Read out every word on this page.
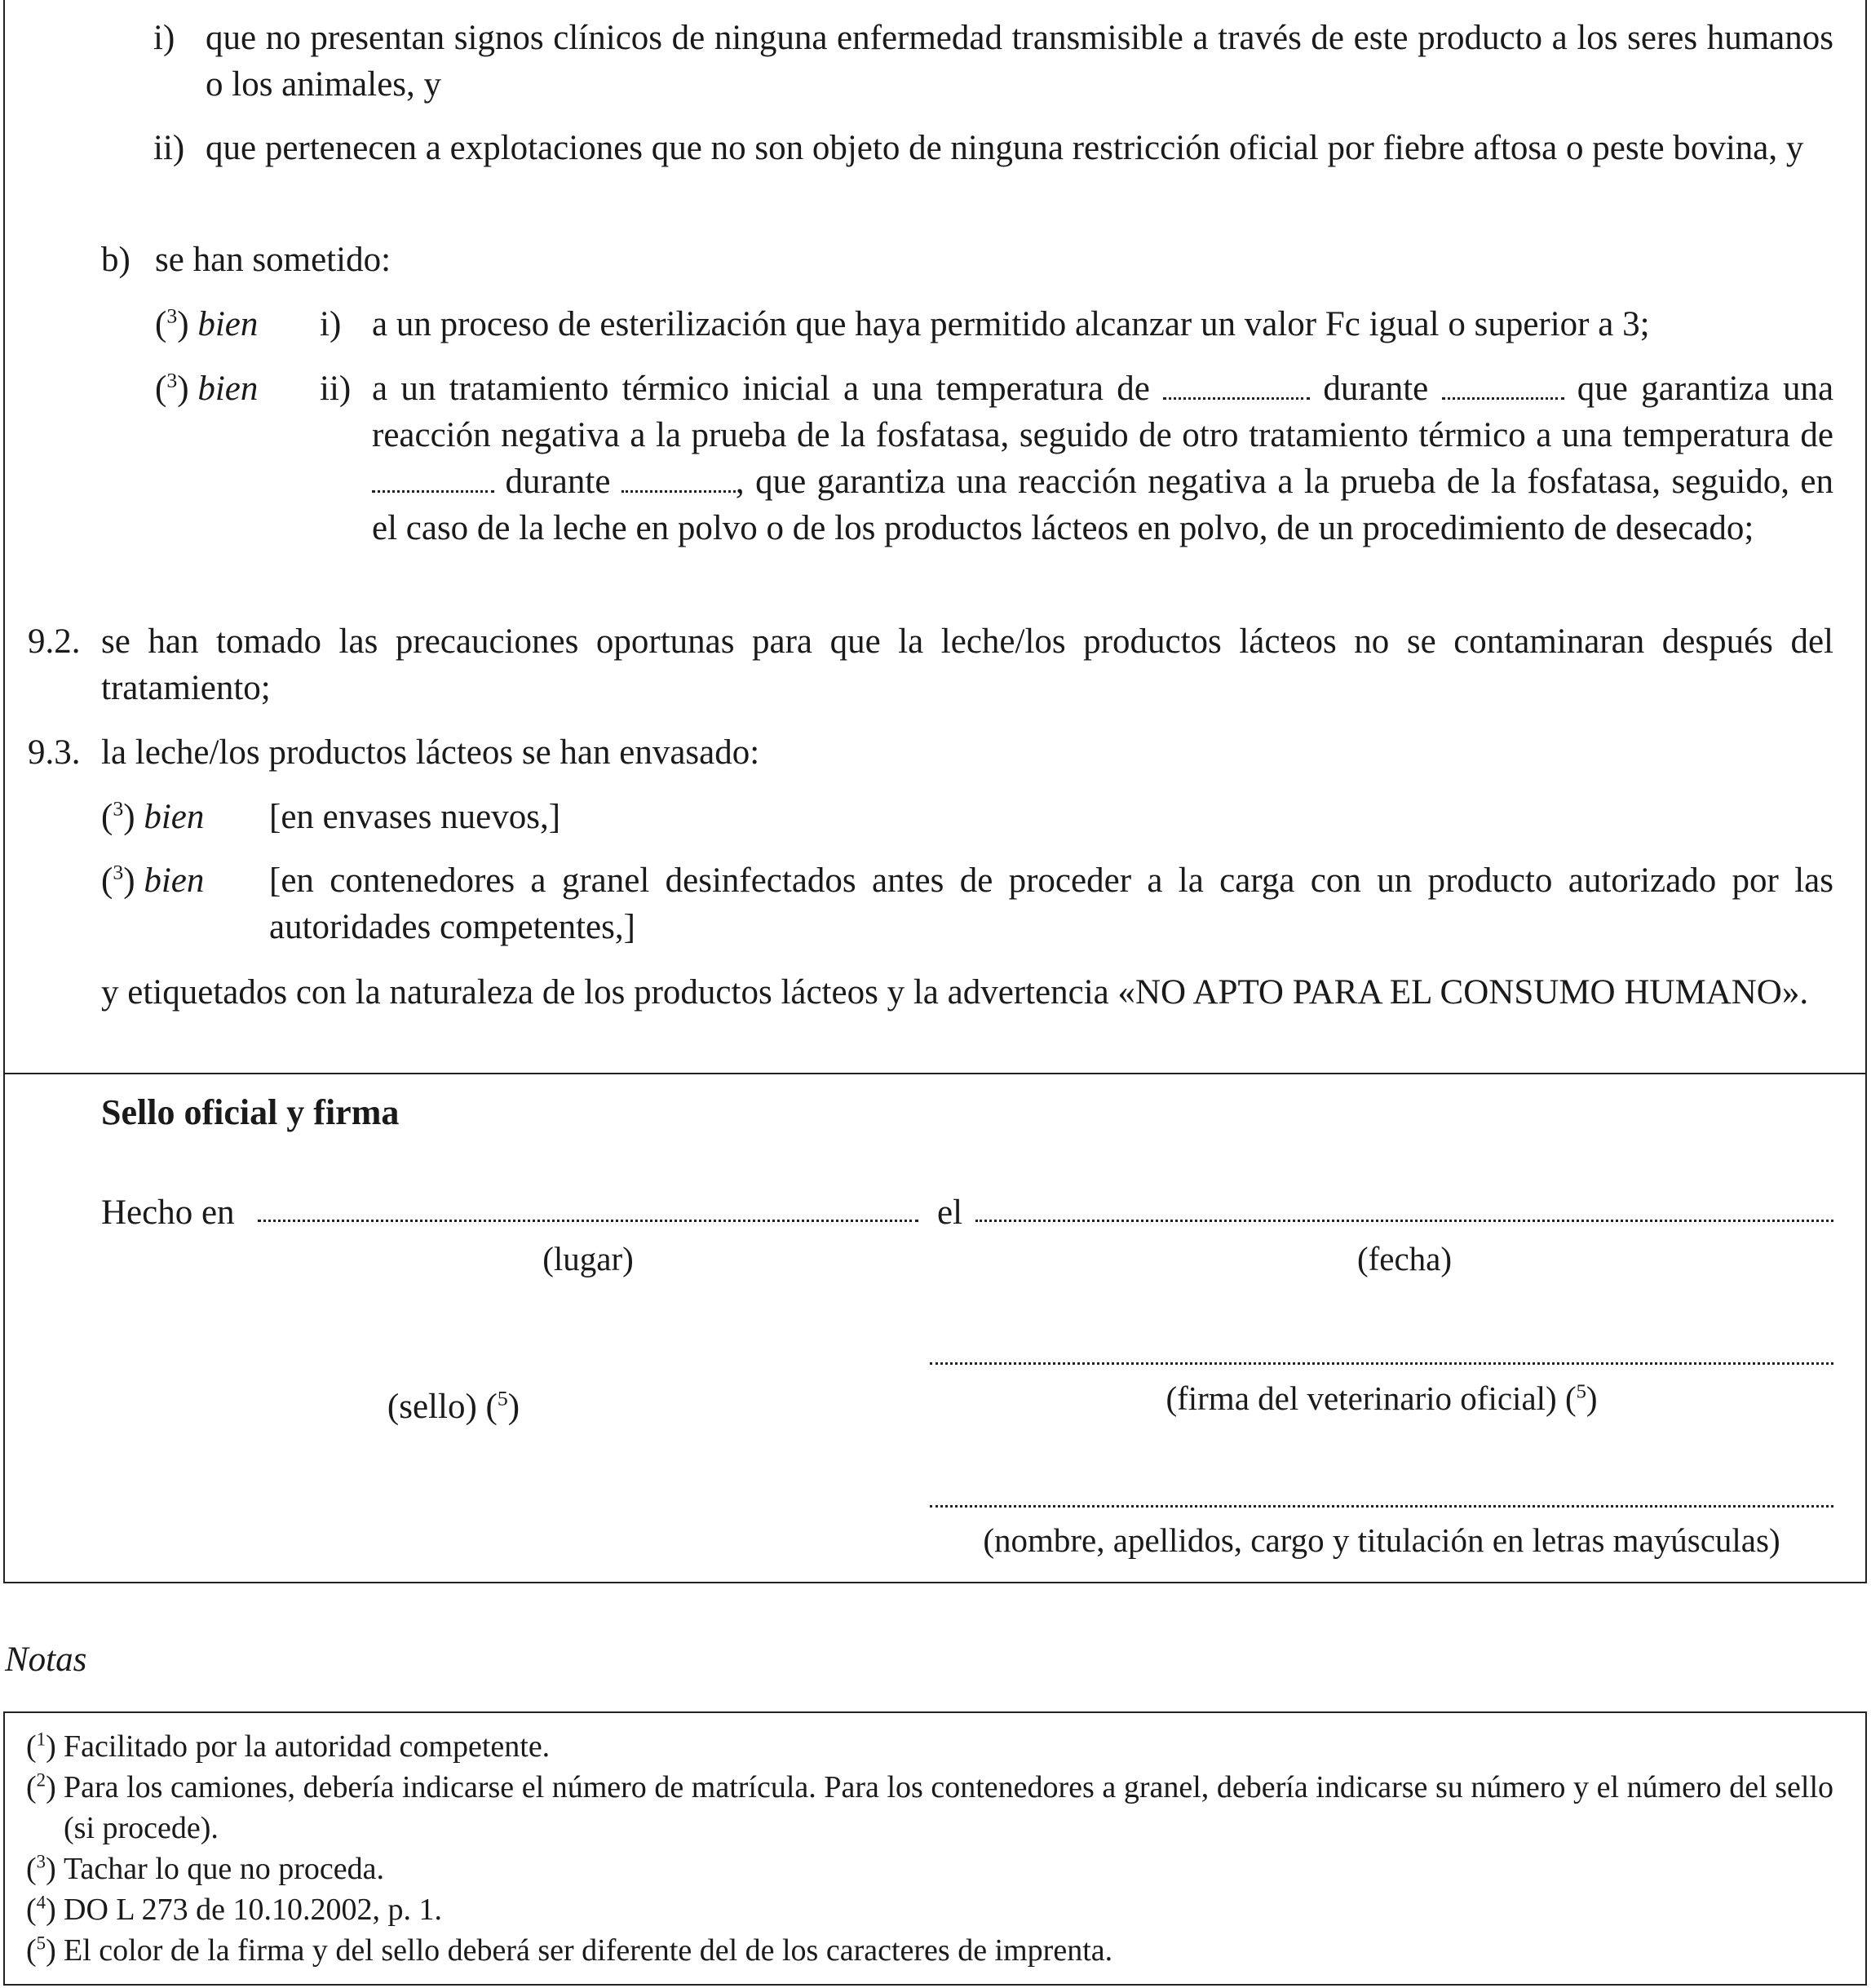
i) que no presentan signos clínicos de ninguna enfermedad transmisible a través de este producto a los seres humanos o los animales, y
ii) que pertenecen a explotaciones que no son objeto de ninguna restricción oficial por fiebre aftosa o peste bovina, y
b) se han sometido:
($^3$) bien i) a un proceso de esterilización que haya permitido alcanzar un valor Fc igual o superior a 3;
($^3$) bien ii) a un tratamiento térmico inicial a una temperatura de	durante	que garantiza una reacción negativa a la prueba de la fosfatasa, seguido de otro tratamiento térmico a una temperatura de  durante	, que garantiza una reacción negativa a la prueba de la fosfatasa, seguido, en el caso de la leche en polvo o de los productos lácteos en polvo, de un procedimiento de desecado;
9.2. se han tomado las precauciones oportunas para que la leche/los productos lácteos no se contaminaran después del tratamiento;
9.3. la leche/los productos lácteos se han envasado:
($^3$) bien [en envases nuevos,]
($^3$) bien [en contenedores a granel desinfectados antes de proceder a la carga con un producto autorizado por las autoridades competentes,]
y etiquetados con la naturaleza de los productos lácteos y la advertencia «NO APTO PARA EL CONSUMO HUMANO».
Sello oficial y firma
Hecho en	el
(lugar)	(fecha)
(sello) ($^5$)	(firma del veterinario oficial) ($^5$)
(nombre, apellidos, cargo y titulación en letras mayúsculas)
Notas
($^1$) Facilitado por la autoridad competente.
($^2$) Para los camiones, debería indicarse el número de matrícula. Para los contenedores a granel, debería indicarse su número y el número del sello (si procede).
($^3$) Tachar lo que no proceda.
($^4$) DO L 273 de 10.10.2002, p. 1.
($^5$) El color de la firma y del sello deberá ser diferente del de los caracteres de imprenta.
